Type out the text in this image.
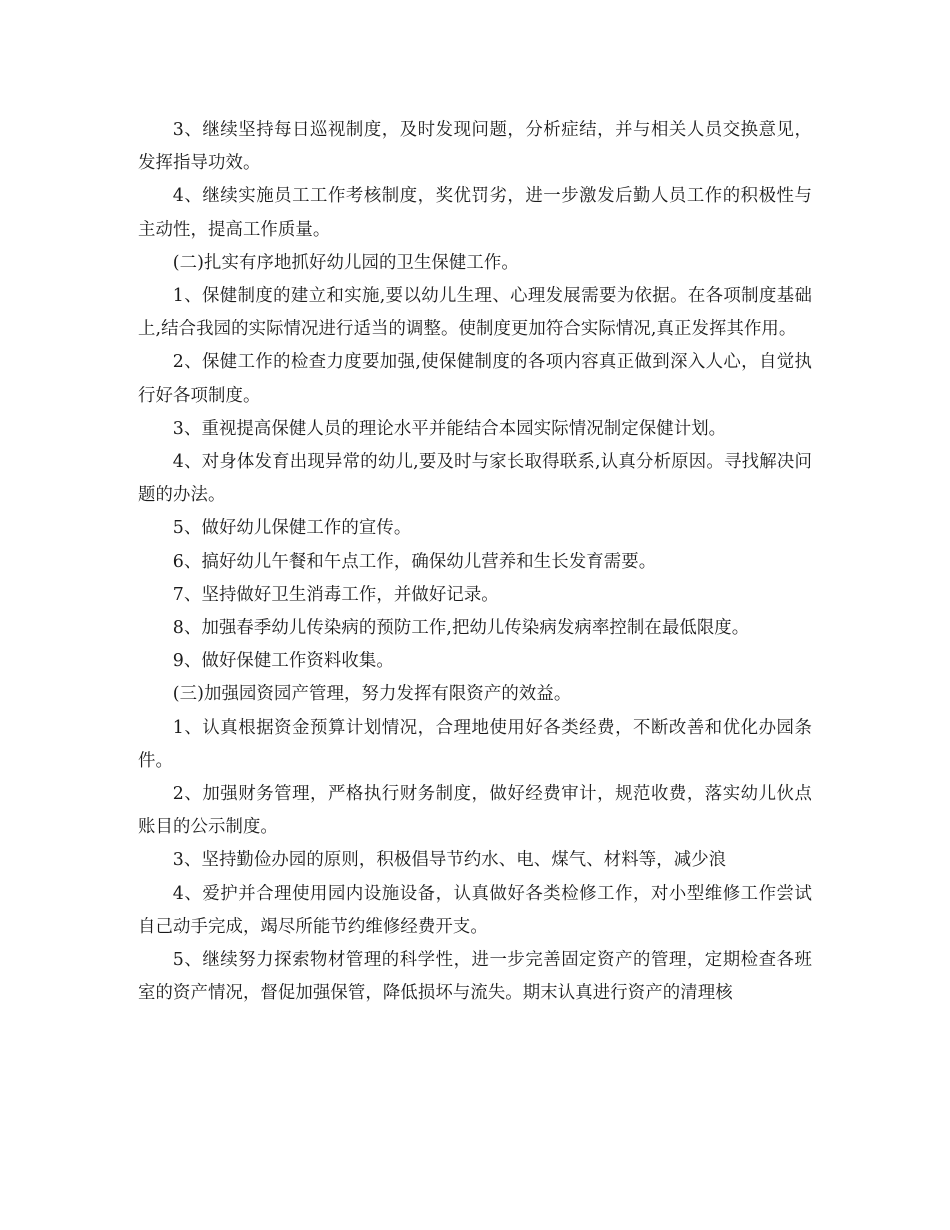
3、继续坚持每日巡视制度，及时发现问题，分析症结，并与相关人员交换意见，发挥指导功效。

4、继续实施员工工作考核制度，奖优罚劣，进一步激发后勤人员工作的积极性与主动性，提高工作质量。

(二)扎实有序地抓好幼儿园的卫生保健工作。

1、保健制度的建立和实施,要以幼儿生理、心理发展需要为依据。在各项制度基础上,结合我园的实际情况进行适当的调整。使制度更加符合实际情况,真正发挥其作用。

2、保健工作的检查力度要加强,使保健制度的各项内容真正做到深入人心，自觉执行好各项制度。

3、重视提高保健人员的理论水平并能结合本园实际情况制定保健计划。

4、对身体发育出现异常的幼儿,要及时与家长取得联系,认真分析原因。寻找解决问题的办法。

5、做好幼儿保健工作的宣传。

6、搞好幼儿午餐和午点工作，确保幼儿营养和生长发育需要。

7、坚持做好卫生消毒工作，并做好记录。

8、加强春季幼儿传染病的预防工作,把幼儿传染病发病率控制在最低限度。

9、做好保健工作资料收集。

(三)加强园资园产管理，努力发挥有限资产的效益。

1、认真根据资金预算计划情况，合理地使用好各类经费，不断改善和优化办园条件。

2、加强财务管理，严格执行财务制度，做好经费审计，规范收费，落实幼儿伙点账目的公示制度。

3、坚持勤俭办园的原则，积极倡导节约水、电、煤气、材料等，减少浪

4、爱护并合理使用园内设施设备，认真做好各类检修工作，对小型维修工作尝试自己动手完成，竭尽所能节约维修经费开支。

5、继续努力探索物材管理的科学性，进一步完善固定资产的管理，定期检查各班室的资产情况，督促加强保管，降低损坏与流失。期末认真进行资产的清理核
